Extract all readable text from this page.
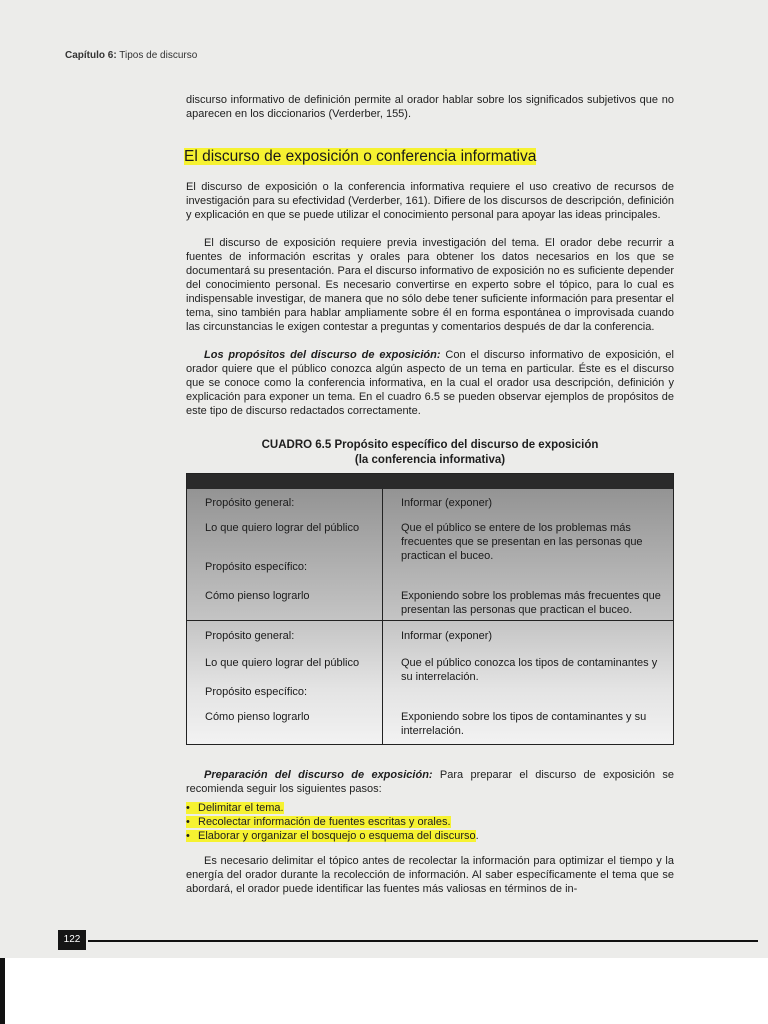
Capítulo 6: Tipos de discurso
discurso informativo de definición permite al orador hablar sobre los significados subjetivos que no aparecen en los diccionarios (Verderber, 155).
El discurso de exposición o conferencia informativa
El discurso de exposición o la conferencia informativa requiere el uso creativo de recursos de investigación para su efectividad (Verderber, 161). Difiere de los discursos de descripción, definición y explicación en que se puede utilizar el conocimiento personal para apoyar las ideas principales.
El discurso de exposición requiere previa investigación del tema. El orador debe recurrir a fuentes de información escritas y orales para obtener los datos necesarios en los que se documentará su presentación. Para el discurso informativo de exposición no es suficiente depender del conocimiento personal. Es necesario convertirse en experto sobre el tópico, para lo cual es indispensable investigar, de manera que no sólo debe tener suficiente información para presentar el tema, sino también para hablar ampliamente sobre él en forma espontánea o improvisada cuando las circunstancias le exigen contestar a preguntas y comentarios después de dar la conferencia.
Los propósitos del discurso de exposición: Con el discurso informativo de exposición, el orador quiere que el público conozca algún aspecto de un tema en particular. Éste es el discurso que se conoce como la conferencia informativa, en la cual el orador usa descripción, definición y explicación para exponer un tema. En el cuadro 6.5 se pueden observar ejemplos de propósitos de este tipo de discurso redactados correctamente.
CUADRO 6.5 Propósito específico del discurso de exposición
(la conferencia informativa)
Propósito general:	Informar (exponer)
Lo que quiero lograr del público	Que el público se entere de los problemas más frecuentes que se presentan en las personas que practican el buceo.
Propósito específico:
Cómo pienso lograrlo	Exponiendo sobre los problemas más frecuentes que presentan las personas que practican el buceo.
Propósito general:	Informar (exponer)
Lo que quiero lograr del público	Que el público conozca los tipos de contaminantes y su interrelación.
Propósito específico:
Cómo pienso lograrlo	Exponiendo sobre los tipos de contaminantes y su interrelación.
Preparación del discurso de exposición: Para preparar el discurso de exposición se recomienda seguir los siguientes pasos:
• Delimitar el tema.
• Recolectar información de fuentes escritas y orales.
• Elaborar y organizar el bosquejo o esquema del discurso.
Es necesario delimitar el tópico antes de recolectar la información para optimizar el tiempo y la energía del orador durante la recolección de información. Al saber específicamente el tema que se abordará, el orador puede identificar las fuentes más valiosas en términos de in-
122
